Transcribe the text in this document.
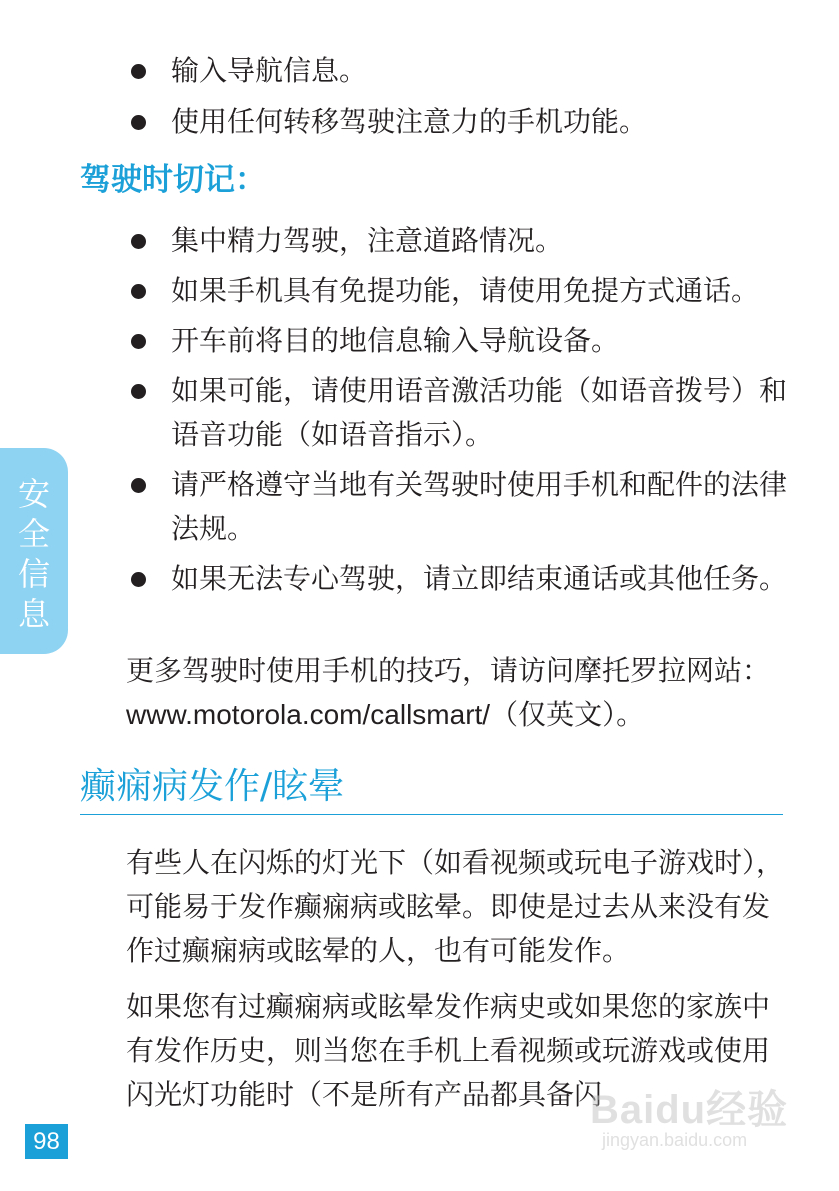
输入导航信息。
使用任何转移驾驶注意力的手机功能。
驾驶时切记：
集中精力驾驶，注意道路情况。
如果手机具有免提功能，请使用免提方式通话。
开车前将目的地信息输入导航设备。
如果可能，请使用语音激活功能（如语音拨号）和语音功能（如语音指示）。
请严格遵守当地有关驾驶时使用手机和配件的法律法规。
如果无法专心驾驶，请立即结束通话或其他任务。

更多驾驶时使用手机的技巧，请访问摩托罗拉网站：www.motorola.com/callsmart/（仅英文）。

癫痫病发作/眩晕

有些人在闪烁的灯光下（如看视频或玩电子游戏时），可能易于发作癫痫病或眩晕。即使是过去从来没有发作过癫痫病或眩晕的人，也有可能发作。

如果您有过癫痫病或眩晕发作病史或如果您的家族中有发作历史，则当您在手机上看视频或玩游戏或使用闪光灯功能时（不是所有产品都具备闪

安全信息
98
Baidu经验
jingyan.baidu.com
